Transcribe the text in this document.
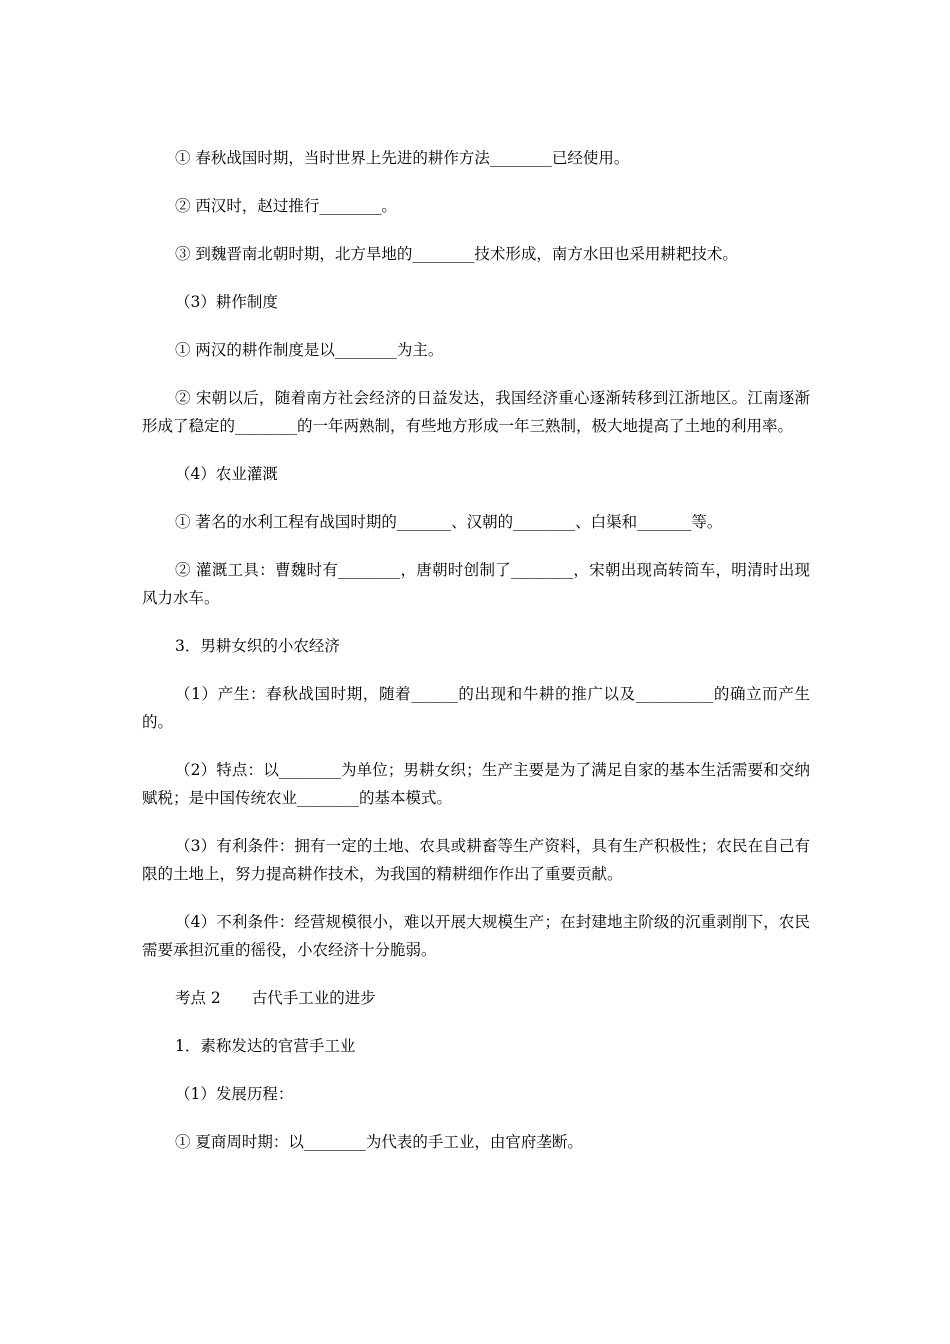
① 春秋战国时期，当时世界上先进的耕作方法________已经使用。

② 西汉时，赵过推行________。

③ 到魏晋南北朝时期，北方旱地的________技术形成，南方水田也采用耕耙技术。

（3）耕作制度

① 两汉的耕作制度是以________为主。

② 宋朝以后，随着南方社会经济的日益发达，我国经济重心逐渐转移到江浙地区。江南逐渐形成了稳定的________的一年两熟制，有些地方形成一年三熟制，极大地提高了土地的利用率。

（4）农业灌溉

① 著名的水利工程有战国时期的_______、汉朝的________、白渠和_______等。

② 灌溉工具：曹魏时有________，唐朝时创制了________，宋朝出现高转筒车，明清时出现风力水车。

3．男耕女织的小农经济

（1）产生：春秋战国时期，随着______的出现和牛耕的推广以及__________的确立而产生的。

（2）特点：以________为单位；男耕女织；生产主要是为了满足自家的基本生活需要和交纳赋税；是中国传统农业________的基本模式。

（3）有利条件：拥有一定的土地、农具或耕畜等生产资料，具有生产积极性；农民在自己有限的土地上，努力提高耕作技术，为我国的精耕细作作出了重要贡献。

（4）不利条件：经营规模很小，难以开展大规模生产；在封建地主阶级的沉重剥削下，农民需要承担沉重的徭役，小农经济十分脆弱。

考点 2　　古代手工业的进步

1．素称发达的官营手工业

（1）发展历程：

① 夏商周时期：以________为代表的手工业，由官府垄断。
